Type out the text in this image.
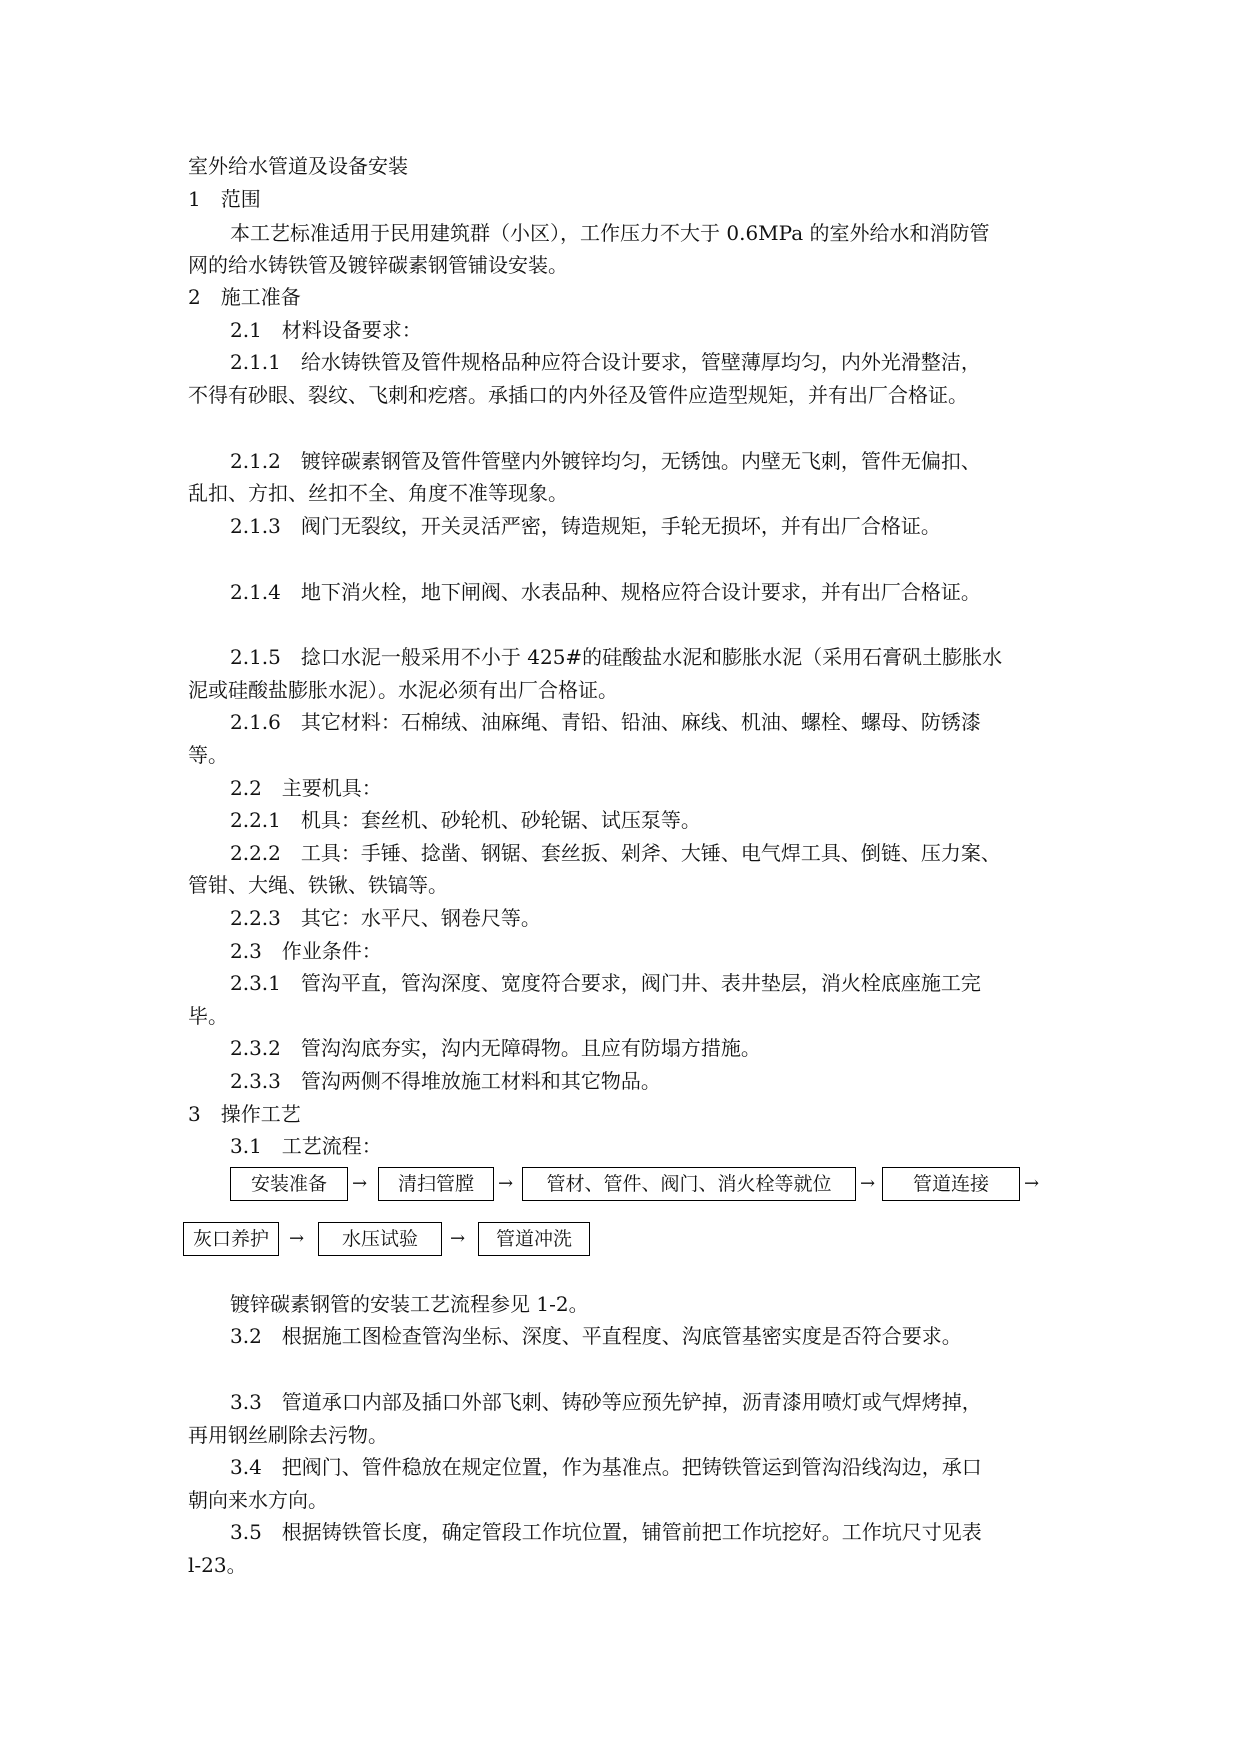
室外给水管道及设备安装
1　范围
本工艺标准适用于民用建筑群（小区），工作压力不大于 0.6MPa 的室外给水和消防管
网的给水铸铁管及镀锌碳素钢管铺设安装。
2　施工准备
2.1　材料设备要求：
2.1.1　给水铸铁管及管件规格品种应符合设计要求，管壁薄厚均匀，内外光滑整洁，
不得有砂眼、裂纹、飞刺和疙瘩。承插口的内外径及管件应造型规矩，并有出厂合格证。
2.1.2　镀锌碳素钢管及管件管壁内外镀锌均匀，无锈蚀。内壁无飞刺，管件无偏扣、
乱扣、方扣、丝扣不全、角度不准等现象。
2.1.3　阀门无裂纹，开关灵活严密，铸造规矩，手轮无损坏，并有出厂合格证。
2.1.4　地下消火栓，地下闸阀、水表品种、规格应符合设计要求，并有出厂合格证。
2.1.5　捻口水泥一般采用不小于 425#的硅酸盐水泥和膨胀水泥（采用石膏矾土膨胀水
泥或硅酸盐膨胀水泥）。水泥必须有出厂合格证。
2.1.6　其它材料：石棉绒、油麻绳、青铅、铅油、麻线、机油、螺栓、螺母、防锈漆
等。
2.2　主要机具：
2.2.1　机具：套丝机、砂轮机、砂轮锯、试压泵等。
2.2.2　工具：手锤、捻凿、钢锯、套丝扳、剁斧、大锤、电气焊工具、倒链、压力案、
管钳、大绳、铁锹、铁镐等。
2.2.3　其它：水平尺、钢卷尺等。
2.3　作业条件：
2.3.1　管沟平直，管沟深度、宽度符合要求，阀门井、表井垫层，消火栓底座施工完
毕。
2.3.2　管沟沟底夯实，沟内无障碍物。且应有防塌方措施。
2.3.3　管沟两侧不得堆放施工材料和其它物品。
3　操作工艺
3.1　工艺流程：
安装准备	→	清扫管膛	→	管材、管件、阀门、消火栓等就位	→	管道连接	→
灰口养护	→	水压试验	→	管道冲洗
镀锌碳素钢管的安装工艺流程参见 1-2。
3.2　根据施工图检查管沟坐标、深度、平直程度、沟底管基密实度是否符合要求。
3.3　管道承口内部及插口外部飞刺、铸砂等应预先铲掉，沥青漆用喷灯或气焊烤掉，
再用钢丝刷除去污物。
3.4　把阀门、管件稳放在规定位置，作为基准点。把铸铁管运到管沟沿线沟边，承口
朝向来水方向。
3.5　根据铸铁管长度，确定管段工作坑位置，铺管前把工作坑挖好。工作坑尺寸见表
l-23。
